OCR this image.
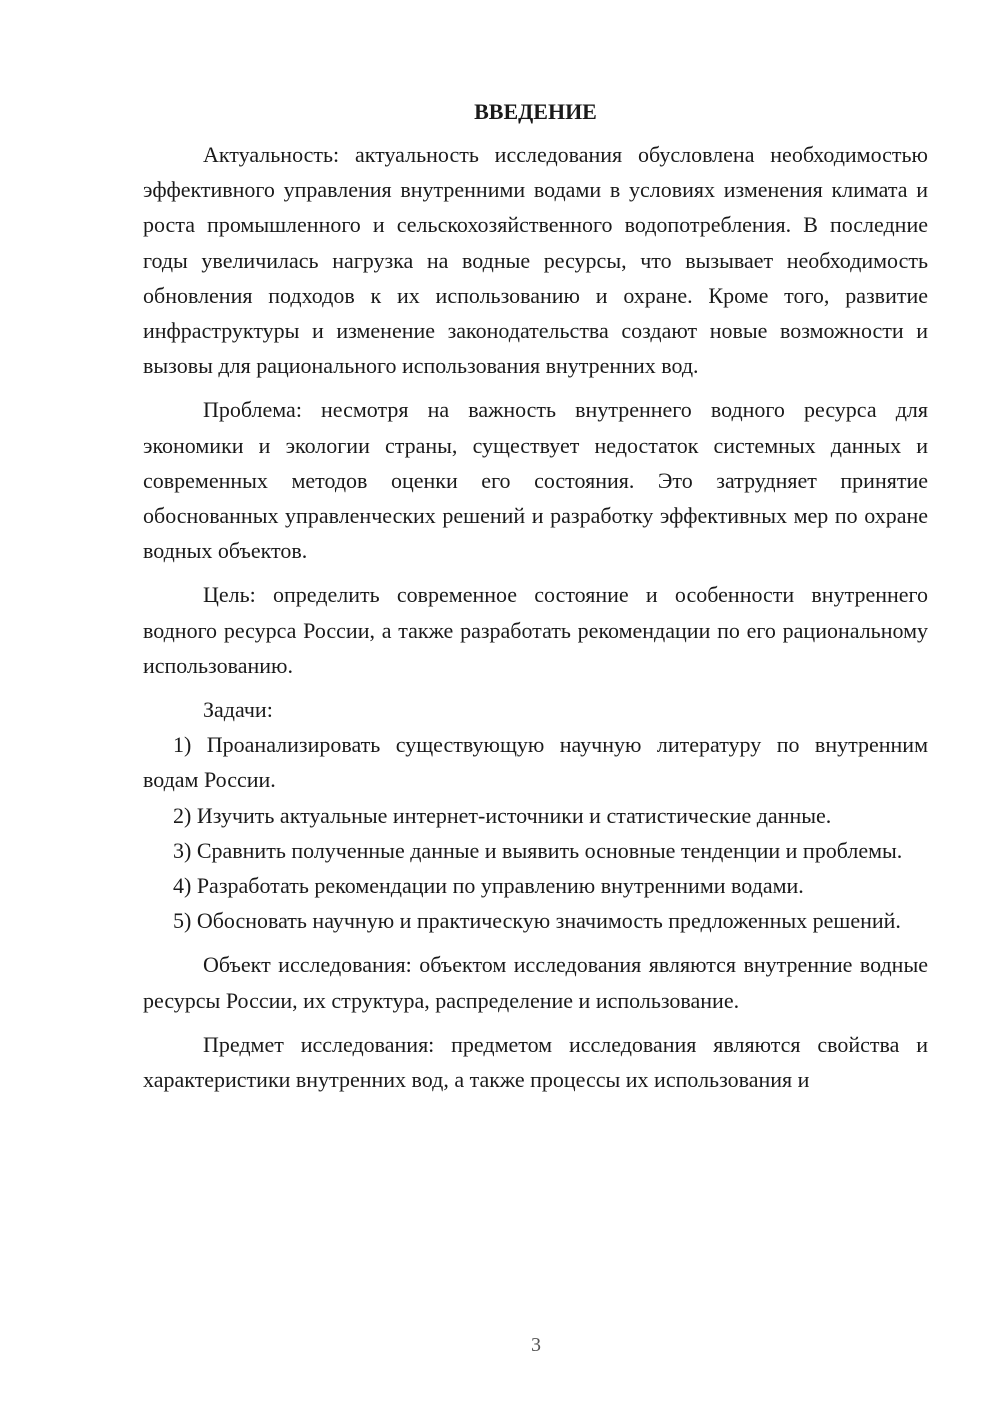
ВВЕДЕНИЕ

Актуальность: актуальность исследования обусловлена необходимостью эффективного управления внутренними водами в условиях изменения климата и роста промышленного и сельскохозяйственного водопотребления. В последние годы увеличилась нагрузка на водные ресурсы, что вызывает необходимость обновления подходов к их использованию и охране. Кроме того, развитие инфраструктуры и изменение законодательства создают новые возможности и вызовы для рационального использования внутренних вод.

Проблема: несмотря на важность внутреннего водного ресурса для экономики и экологии страны, существует недостаток системных данных и современных методов оценки его состояния. Это затрудняет принятие обоснованных управленческих решений и разработку эффективных мер по охране водных объектов.

Цель: определить современное состояние и особенности внутреннего водного ресурса России, а также разработать рекомендации по его рациональному использованию.

Задачи:

1) Проанализировать существующую научную литературу по внутренним водам России.

2) Изучить актуальные интернет-источники и статистические данные.

3) Сравнить полученные данные и выявить основные тенденции и проблемы.

4) Разработать рекомендации по управлению внутренними водами.

5) Обосновать научную и практическую значимость предложенных решений.

Объект исследования: объектом исследования являются внутренние водные ресурсы России, их структура, распределение и использование.

Предмет исследования: предметом исследования являются свойства и характеристики внутренних вод, а также процессы их использования и

3
